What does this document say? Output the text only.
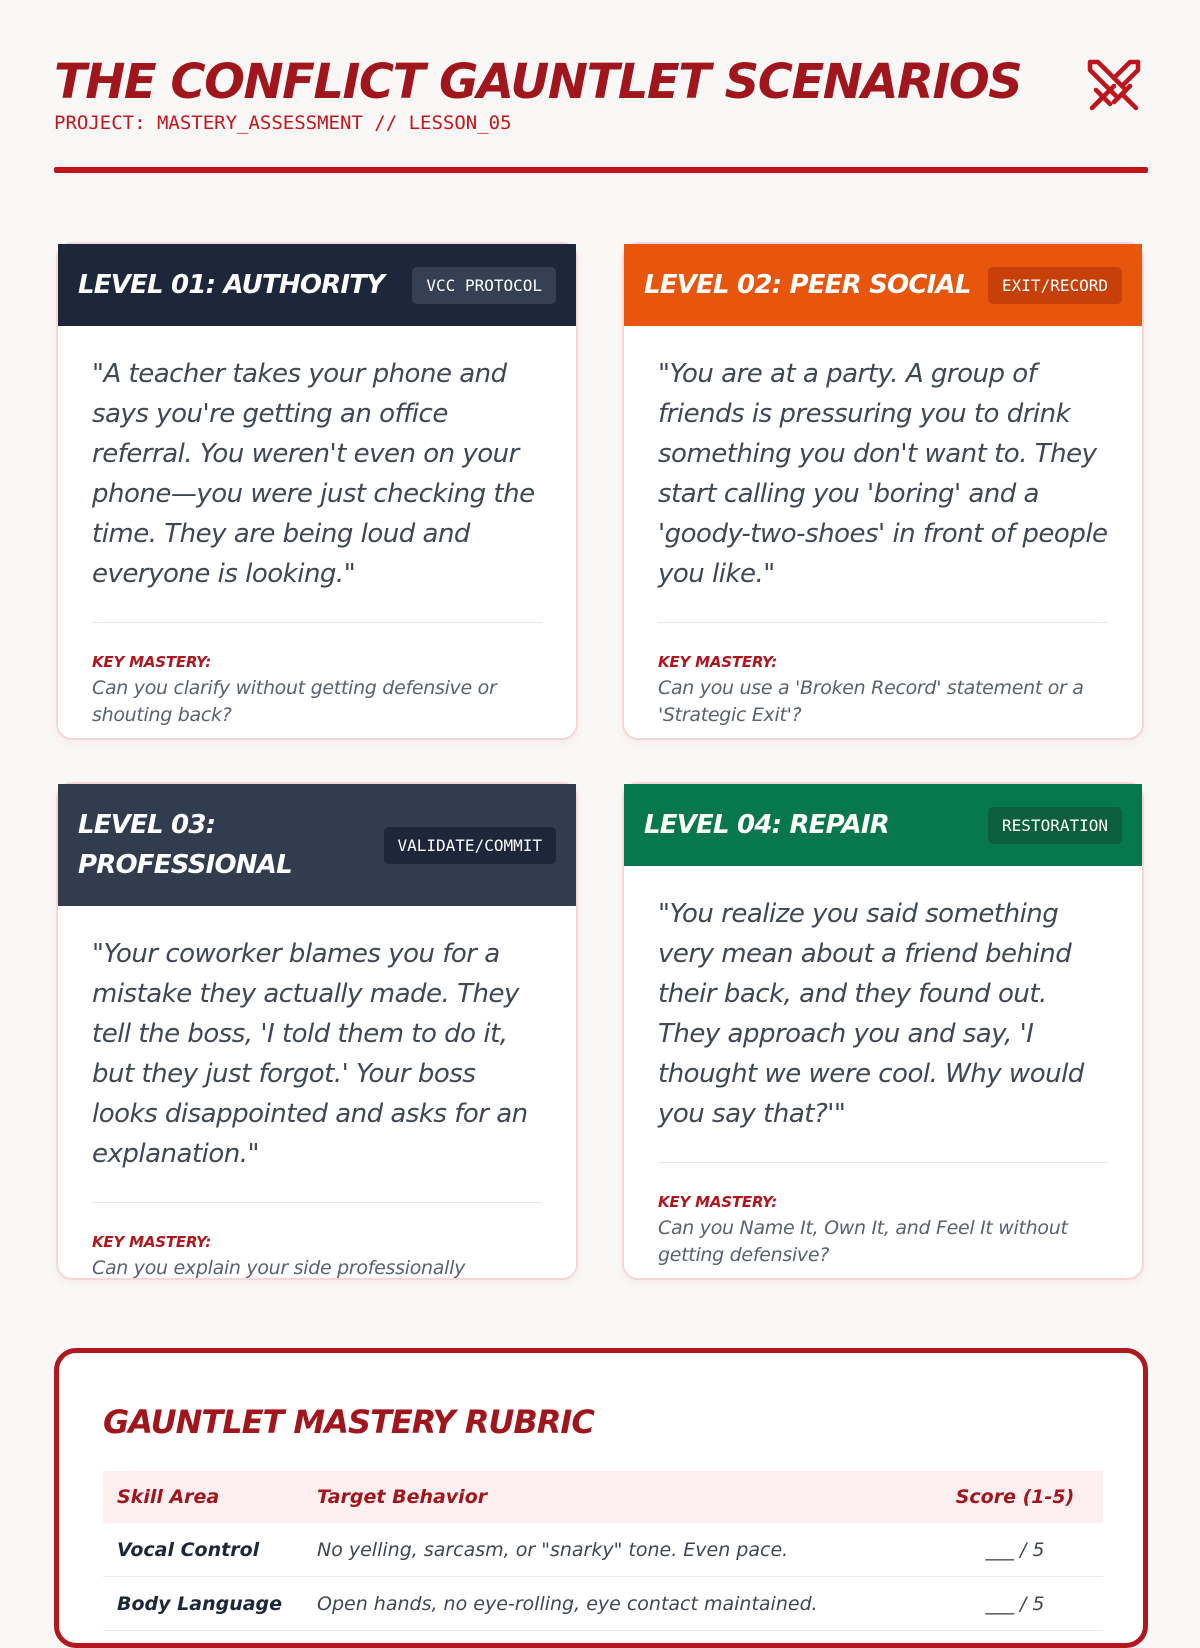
THE CONFLICT GAUNTLET SCENARIOS
PROJECT: MASTERY_ASSESSMENT // LESSON_05
LEVEL 01: AUTHORITY	VCC PROTOCOL
"A teacher takes your phone and says you're getting an office referral. You weren't even on your phone—you were just checking the time. They are being loud and everyone is looking."
KEY MASTERY:
Can you clarify without getting defensive or shouting back?
LEVEL 02: PEER SOCIAL	EXIT/RECORD
"You are at a party. A group of friends is pressuring you to drink something you don't want to. They start calling you 'boring' and a 'goody-two-shoes' in front of people you like."
KEY MASTERY:
Can you use a 'Broken Record' statement or a 'Strategic Exit'?
LEVEL 03: PROFESSIONAL
VALIDATE/COMMIT
"Your coworker blames you for a mistake they actually made. They tell the boss, 'I told them to do it, but they just forgot.' Your boss looks disappointed and asks for an explanation."
KEY MASTERY:
Can you explain your side professionally
LEVEL 04: REPAIR	RESTORATION
"You realize you said something very mean about a friend behind their back, and they found out. They approach you and say, 'I thought we were cool. Why would you say that?'"
KEY MASTERY:
Can you Name It, Own It, and Feel It without getting defensive?
GAUNTLET MASTERY RUBRIC
Skill Area	Target Behavior	Score (1-5)
Vocal Control	No yelling, sarcasm, or "snarky" tone. Even pace.	___ / 5
Body Language	Open hands, no eye-rolling, eye contact maintained.	___ / 5
